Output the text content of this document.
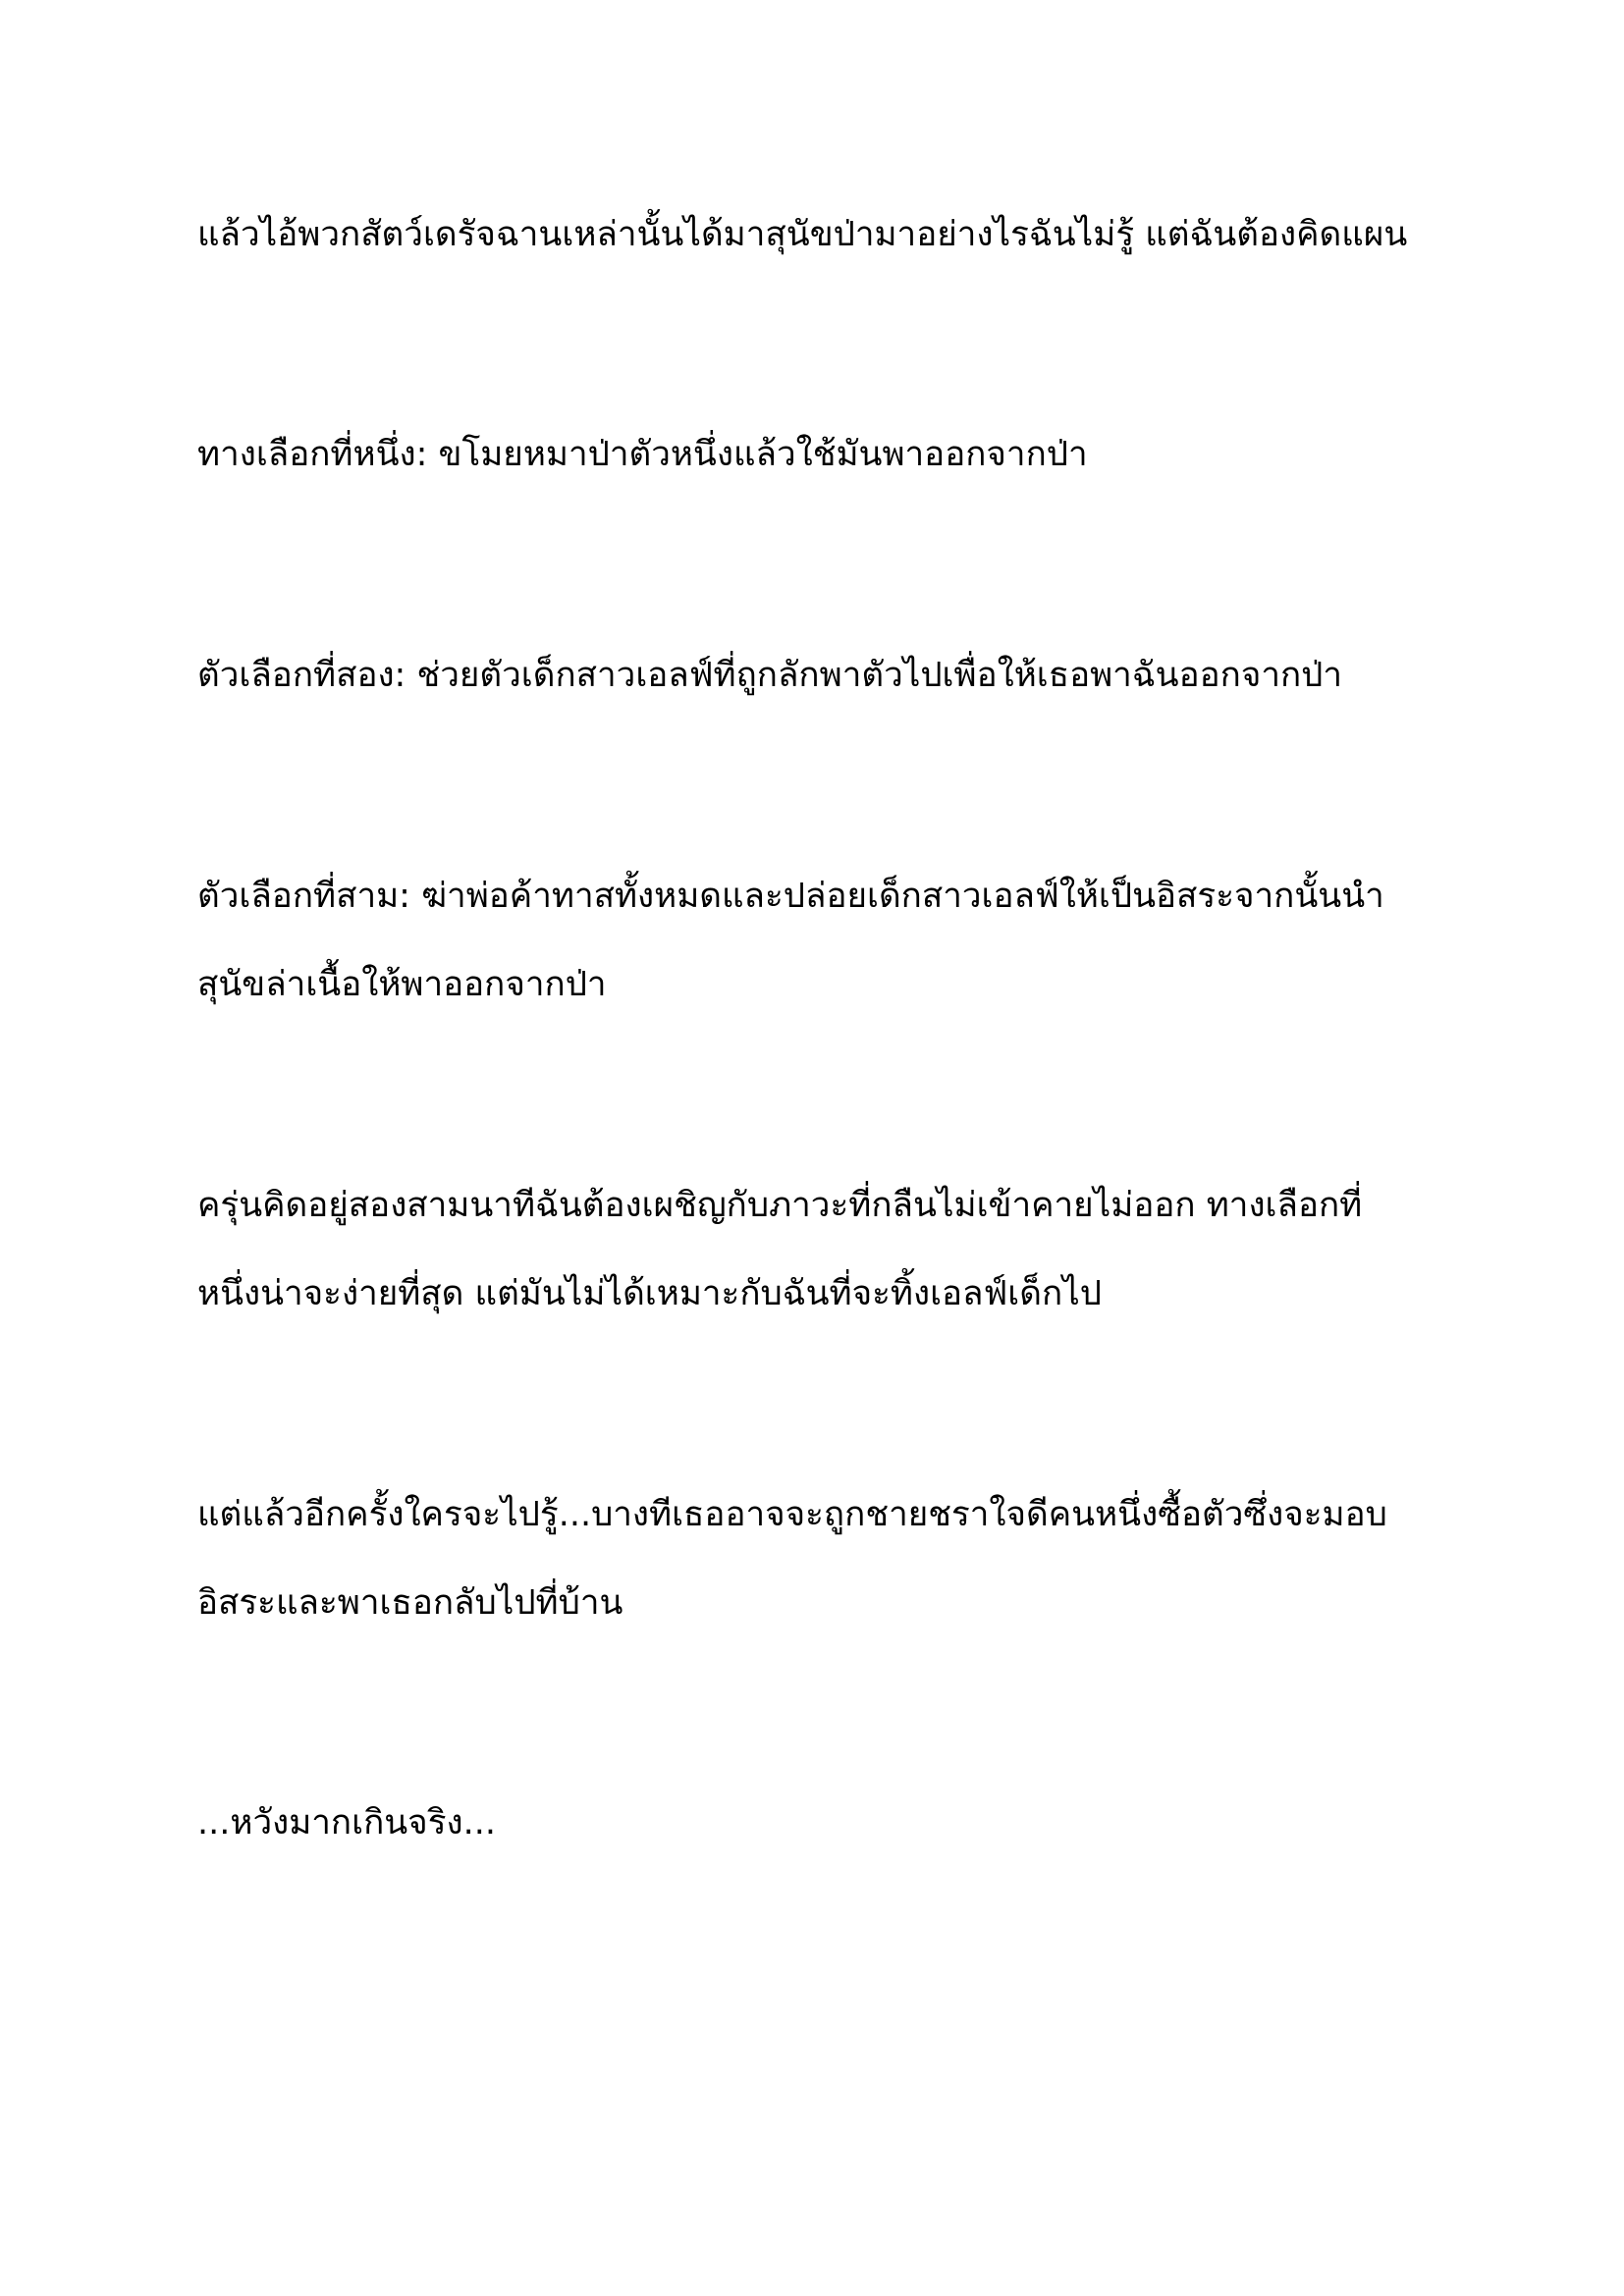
แล้วไอ้พวกสัตว์เดรัจฉานเหล่านั้นได้มาสุนัขป่ามาอย่างไรฉันไม่รู้ แต่ฉันต้องคิดแผน

ทางเลือกที่หนึ่ง: ขโมยหมาป่าตัวหนึ่งแล้วใช้มันพาออกจากป่า

ตัวเลือกที่สอง: ช่วยตัวเด็กสาวเอลฟ์ที่ถูกลักพาตัวไปเพื่อให้เธอพาฉันออกจากป่า

ตัวเลือกที่สาม: ฆ่าพ่อค้าทาสทั้งหมดและปล่อยเด็กสาวเอลฟ์ให้เป็นอิสระจากนั้นนำ
สุนัขล่าเนื้อให้พาออกจากป่า

ครุ่นคิดอยู่สองสามนาทีฉันต้องเผชิญกับภาวะที่กลืนไม่เข้าคายไม่ออก ทางเลือกที่
หนึ่งน่าจะง่ายที่สุด แต่มันไม่ได้เหมาะกับฉันที่จะทิ้งเอลฟ์เด็กไป

แต่แล้วอีกครั้งใครจะไปรู้...บางทีเธออาจจะถูกชายชราใจดีคนหนึ่งซื้อตัวซึ่งจะมอบ
อิสระและพาเธอกลับไปที่บ้าน

...หวังมากเกินจริง...
